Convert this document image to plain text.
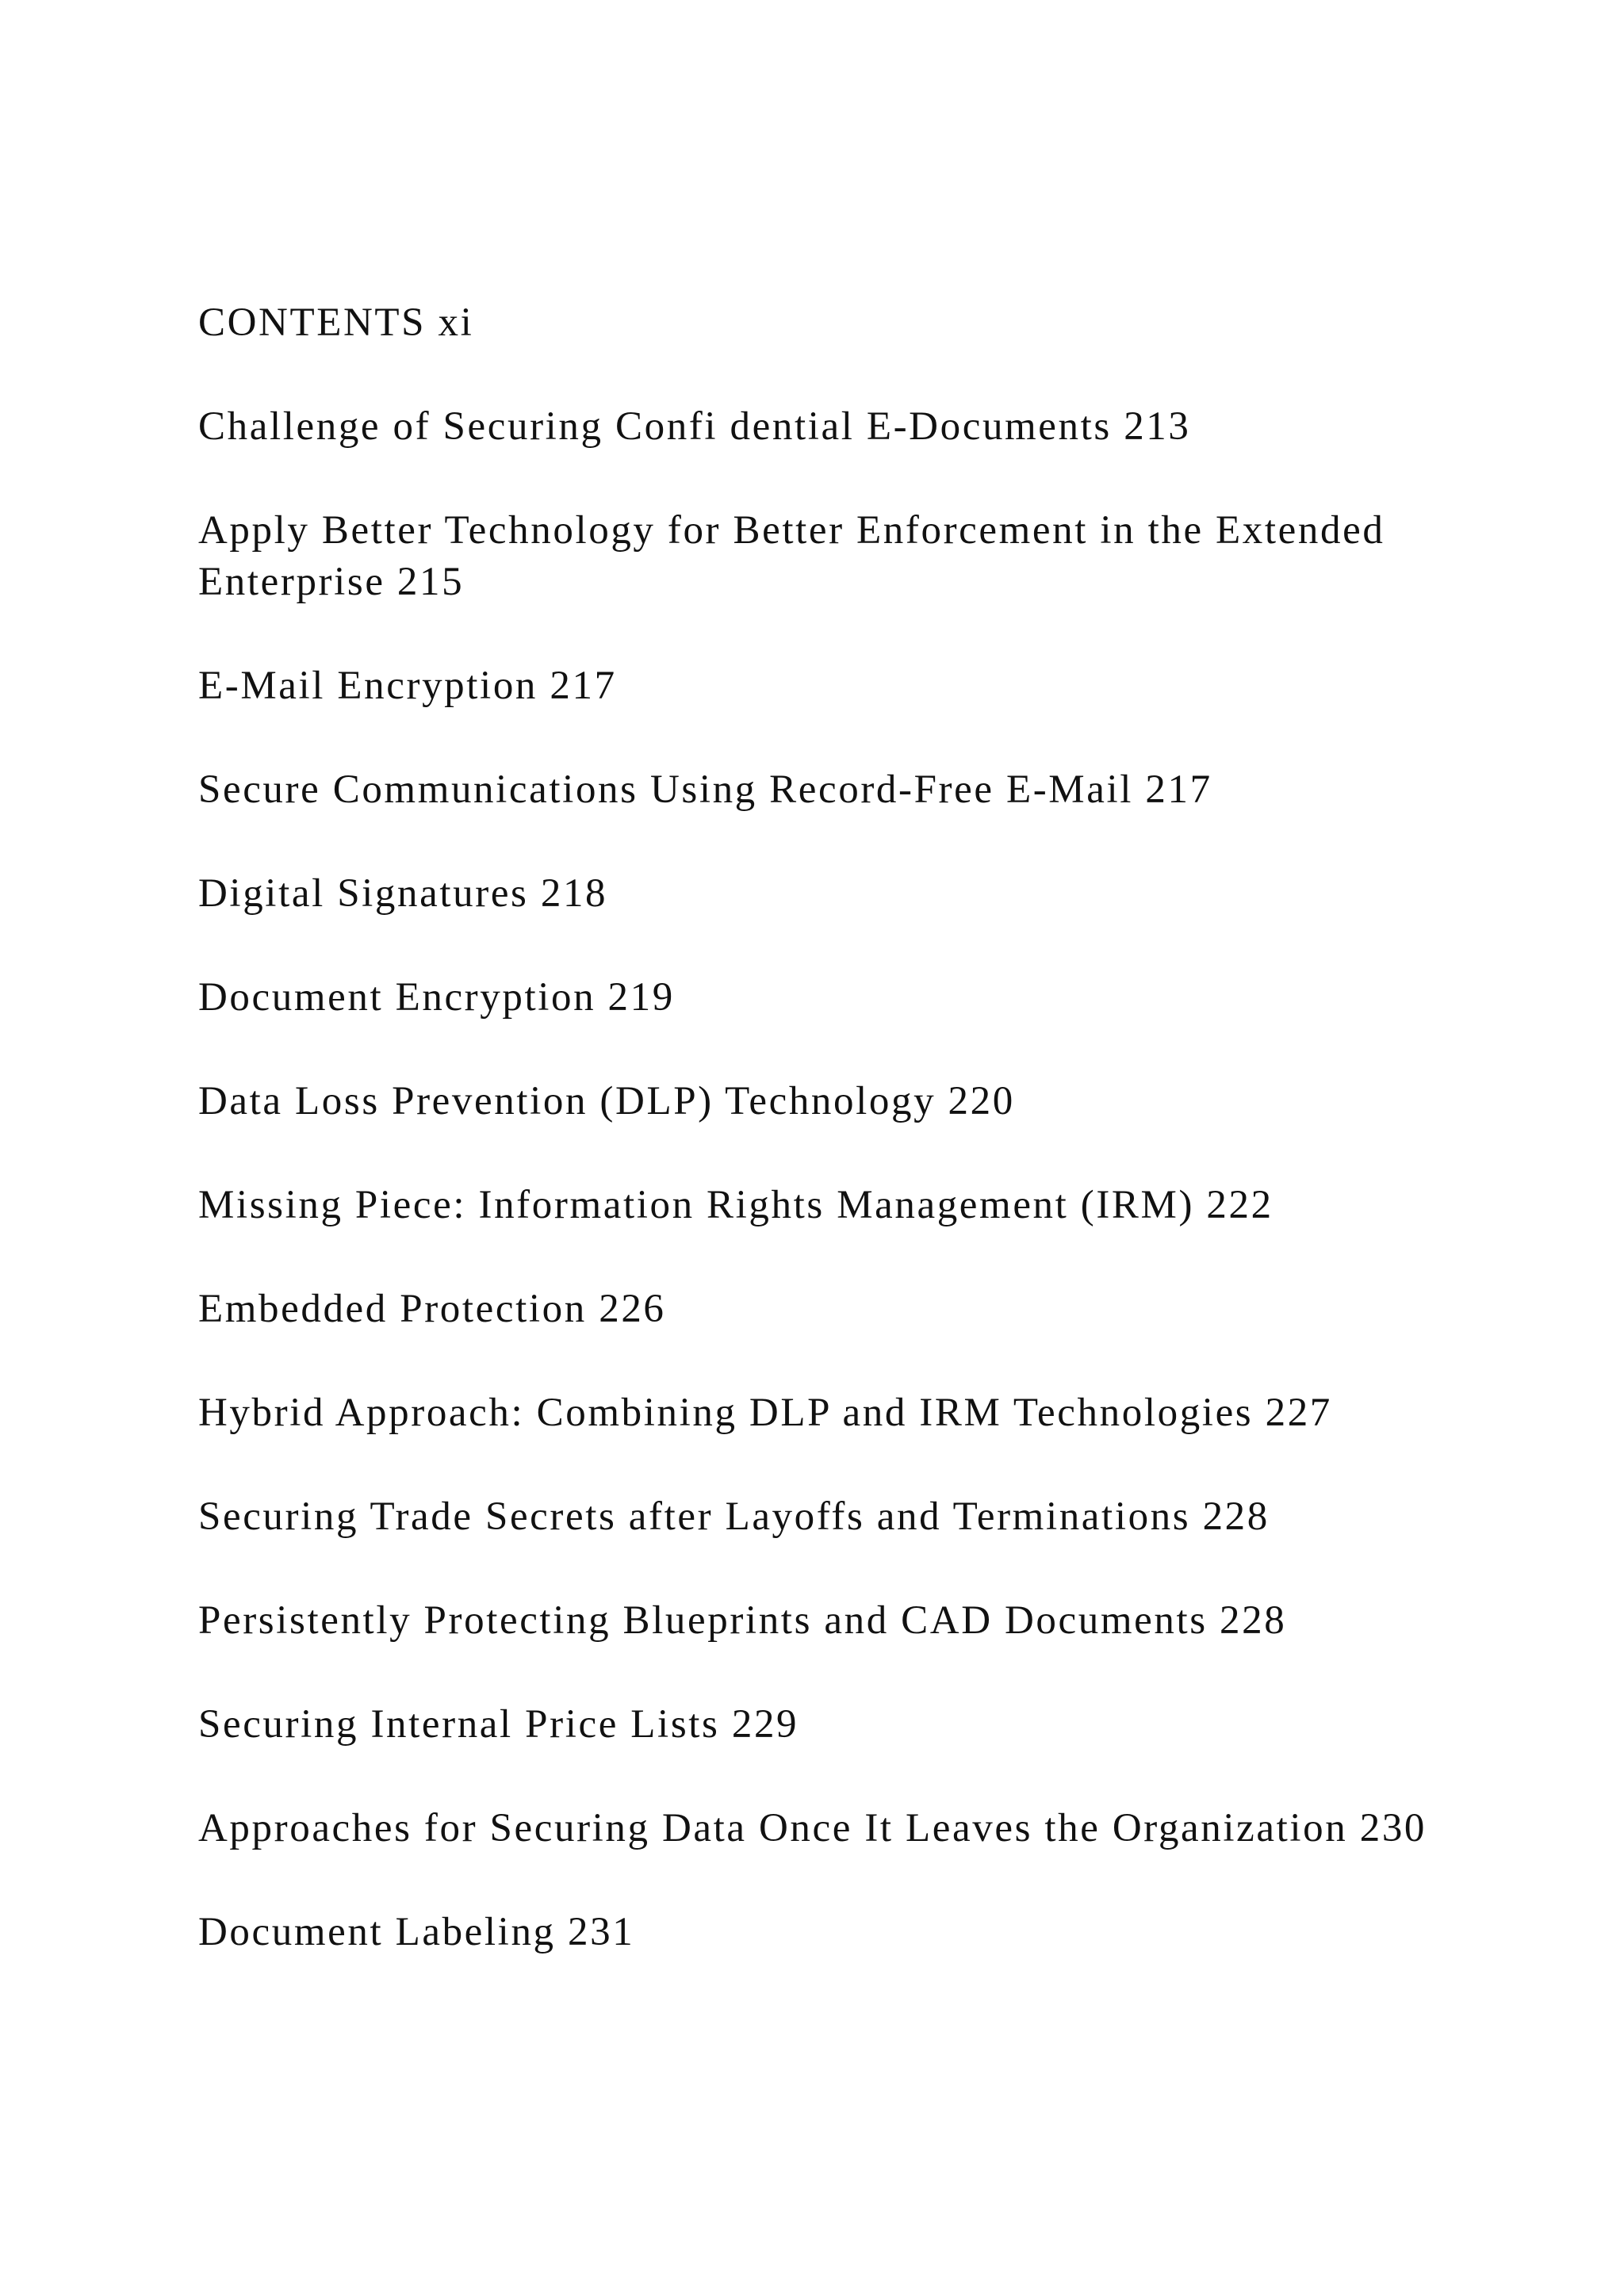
CONTENTS xi
Challenge of Securing Confi dential E-Documents 213
Apply Better Technology for Better Enforcement in the Extended Enterprise 215
E-Mail Encryption 217
Secure Communications Using Record-Free E-Mail 217
Digital Signatures 218
Document Encryption 219
Data Loss Prevention (DLP) Technology 220
Missing Piece: Information Rights Management (IRM) 222
Embedded Protection 226
Hybrid Approach: Combining DLP and IRM Technologies 227
Securing Trade Secrets after Layoffs and Terminations 228
Persistently Protecting Blueprints and CAD Documents 228
Securing Internal Price Lists 229
Approaches for Securing Data Once It Leaves the Organization 230
Document Labeling 231
